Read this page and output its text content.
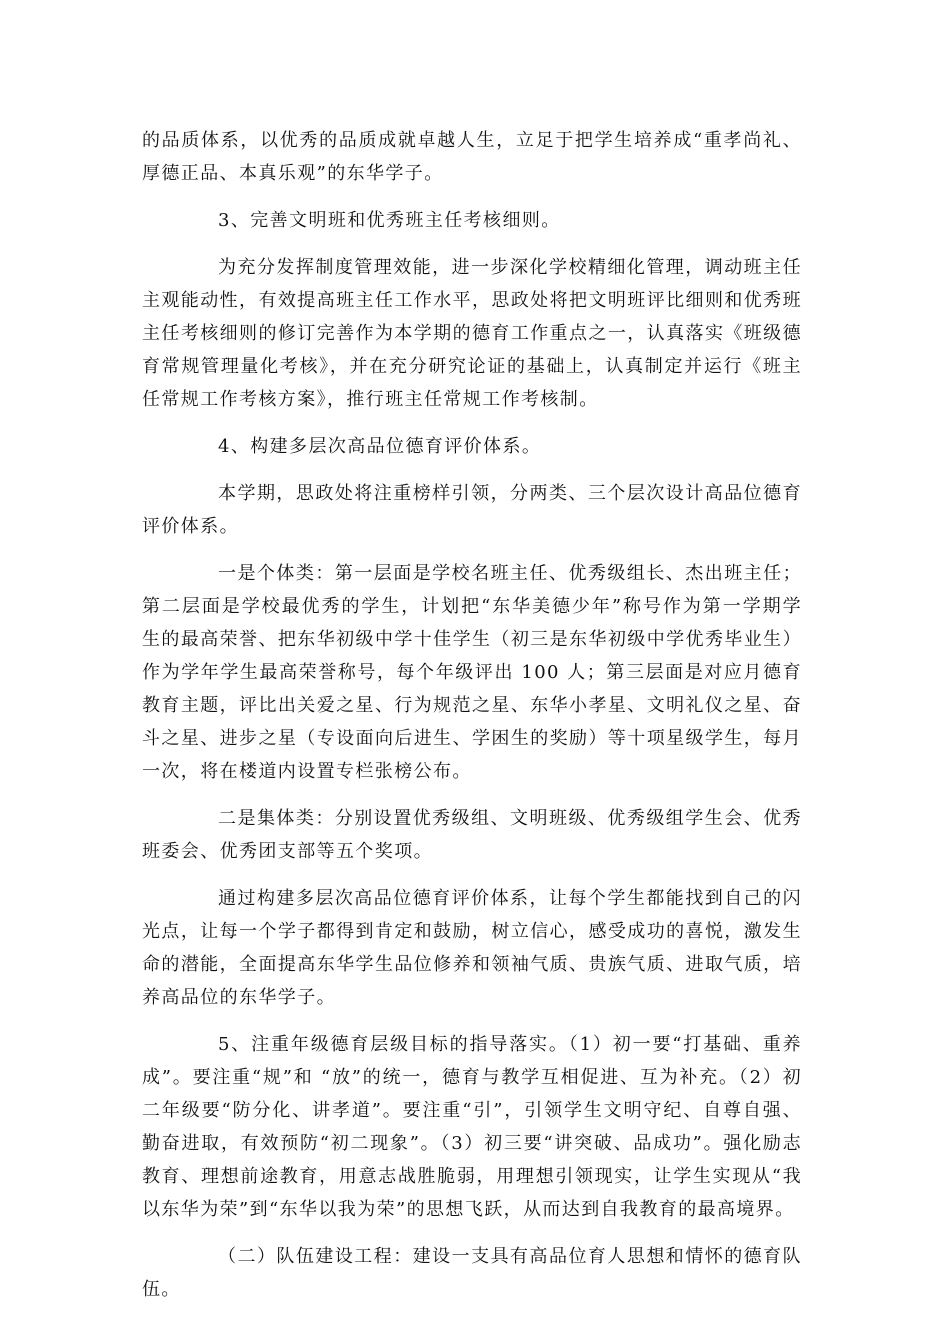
的品质体系，以优秀的品质成就卓越人生，立足于把学生培养成“重孝尚礼、厚德正品、本真乐观”的东华学子。

3、完善文明班和优秀班主任考核细则。

为充分发挥制度管理效能，进一步深化学校精细化管理，调动班主任主观能动性，有效提高班主任工作水平，思政处将把文明班评比细则和优秀班主任考核细则的修订完善作为本学期的德育工作重点之一，认真落实《班级德育常规管理量化考核》，并在充分研究论证的基础上，认真制定并运行《班主任常规工作考核方案》，推行班主任常规工作考核制。

4、构建多层次高品位德育评价体系。

本学期，思政处将注重榜样引领，分两类、三个层次设计高品位德育评价体系。

一是个体类：第一层面是学校名班主任、优秀级组长、杰出班主任；第二层面是学校最优秀的学生，计划把“东华美德少年”称号作为第一学期学生的最高荣誉、把东华初级中学十佳学生（初三是东华初级中学优秀毕业生）作为学年学生最高荣誉称号，每个年级评出 100 人；第三层面是对应月德育教育主题，评比出关爱之星、行为规范之星、东华小孝星、文明礼仪之星、奋斗之星、进步之星（专设面向后进生、学困生的奖励）等十项星级学生，每月一次，将在楼道内设置专栏张榜公布。

二是集体类：分别设置优秀级组、文明班级、优秀级组学生会、优秀班委会、优秀团支部等五个奖项。

通过构建多层次高品位德育评价体系，让每个学生都能找到自己的闪光点，让每一个学子都得到肯定和鼓励，树立信心，感受成功的喜悦，激发生命的潜能，全面提高东华学生品位修养和领袖气质、贵族气质、进取气质，培养高品位的东华学子。

5、注重年级德育层级目标的指导落实。（1）初一要“打基础、重养成”。要注重“规”和 “放”的统一，德育与教学互相促进、互为补充。（2）初二年级要“防分化、讲孝道”。要注重“引”，引领学生文明守纪、自尊自强、勤奋进取，有效预防“初二现象”。（3）初三要“讲突破、品成功”。强化励志教育、理想前途教育，用意志战胜脆弱，用理想引领现实，让学生实现从“我以东华为荣”到“东华以我为荣”的思想飞跃，从而达到自我教育的最高境界。

（二）队伍建设工程：建设一支具有高品位育人思想和情怀的德育队伍。
